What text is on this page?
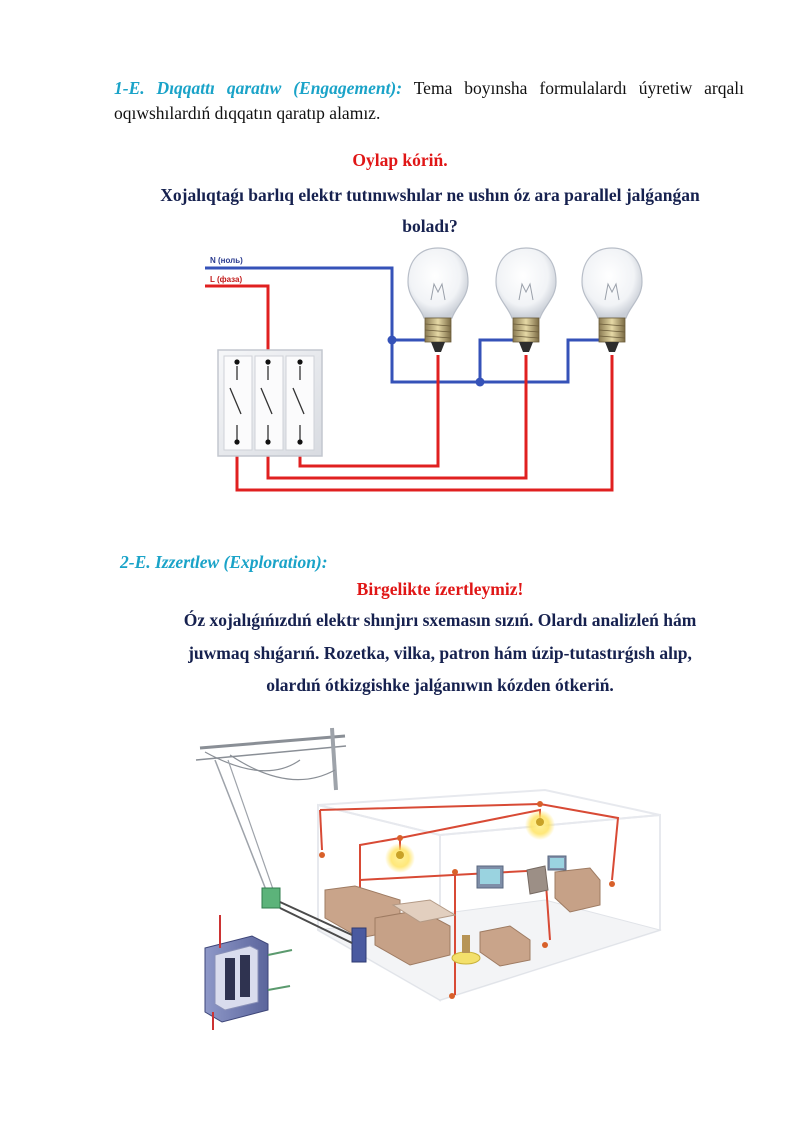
1-E. Dıqqattı qaratıw (Engagement): Tema boyınsha formulalardı úyretiw arqalı
oqıwshılardıń dıqqatın qaratıp alamız.

Oylap kóriń.

Xojalıqtaǵı barlıq elektr tutınıwshılar ne ushın óz ara parallel jalǵanǵan
boladı?
N (ноль)
L (фаза)

2-E. Izzertlew (Exploration):

Birgelikte ízertleymiz!

Óz xojalıǵıńızdıń elektr shınjırı sxemasın sızıń. Olardı analizleń hám
juwmaq shıǵarıń. Rozetka, vilka, patron hám úzip-tutastırǵısh alıp,
olardıń ótkizgishke jalǵanıwın kózden ótkeriń.
